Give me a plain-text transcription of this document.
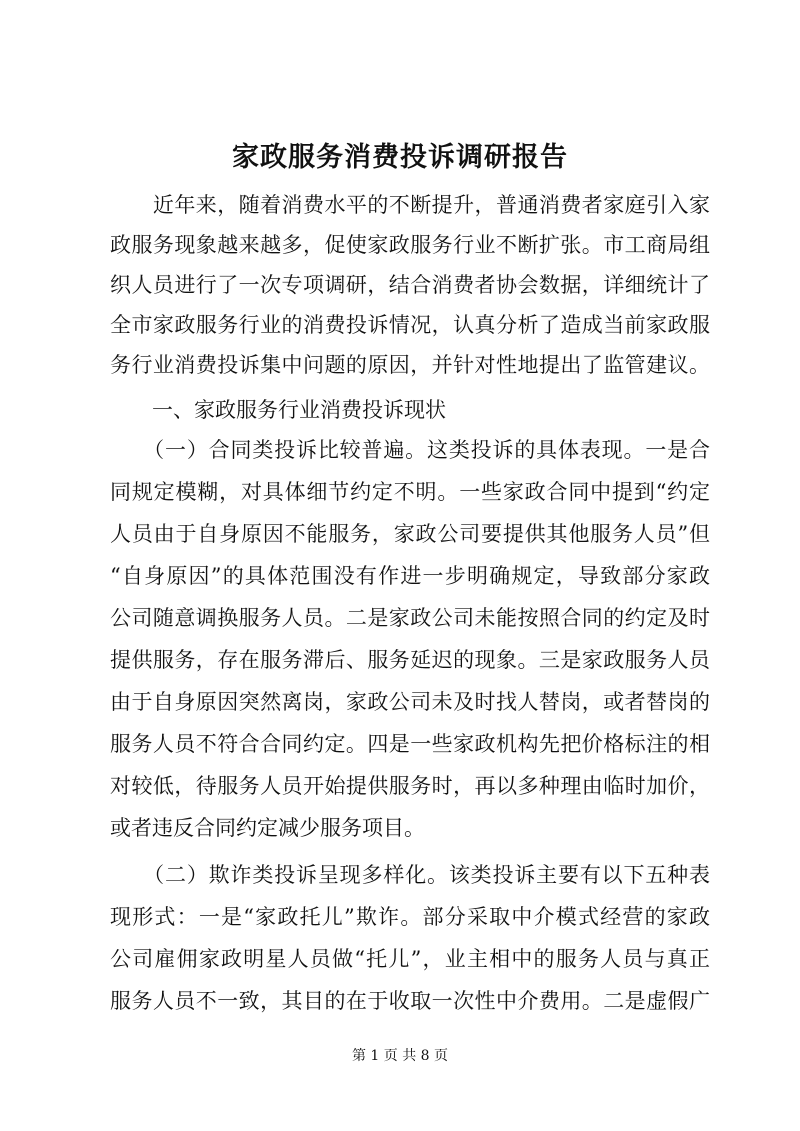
家政服务消费投诉调研报告
　　近年来，随着消费水平的不断提升，普通消费者家庭引入家
政服务现象越来越多，促使家政服务行业不断扩张。市工商局组
织人员进行了一次专项调研，结合消费者协会数据，详细统计了
全市家政服务行业的消费投诉情况，认真分析了造成当前家政服
务行业消费投诉集中问题的原因，并针对性地提出了监管建议。
　　一、家政服务行业消费投诉现状
　　（一）合同类投诉比较普遍。这类投诉的具体表现。一是合
同规定模糊，对具体细节约定不明。一些家政合同中提到“约定
人员由于自身原因不能服务，家政公司要提供其他服务人员”但
“自身原因”的具体范围没有作进一步明确规定，导致部分家政
公司随意调换服务人员。二是家政公司未能按照合同的约定及时
提供服务，存在服务滞后、服务延迟的现象。三是家政服务人员
由于自身原因突然离岗，家政公司未及时找人替岗，或者替岗的
服务人员不符合合同约定。四是一些家政机构先把价格标注的相
对较低，待服务人员开始提供服务时，再以多种理由临时加价，
或者违反合同约定减少服务项目。
　　（二）欺诈类投诉呈现多样化。该类投诉主要有以下五种表
现形式：一是“家政托儿”欺诈。部分采取中介模式经营的家政
公司雇佣家政明星人员做“托儿”，业主相中的服务人员与真正
服务人员不一致，其目的在于收取一次性中介费用。二是虚假广
第 1 页 共 8 页
